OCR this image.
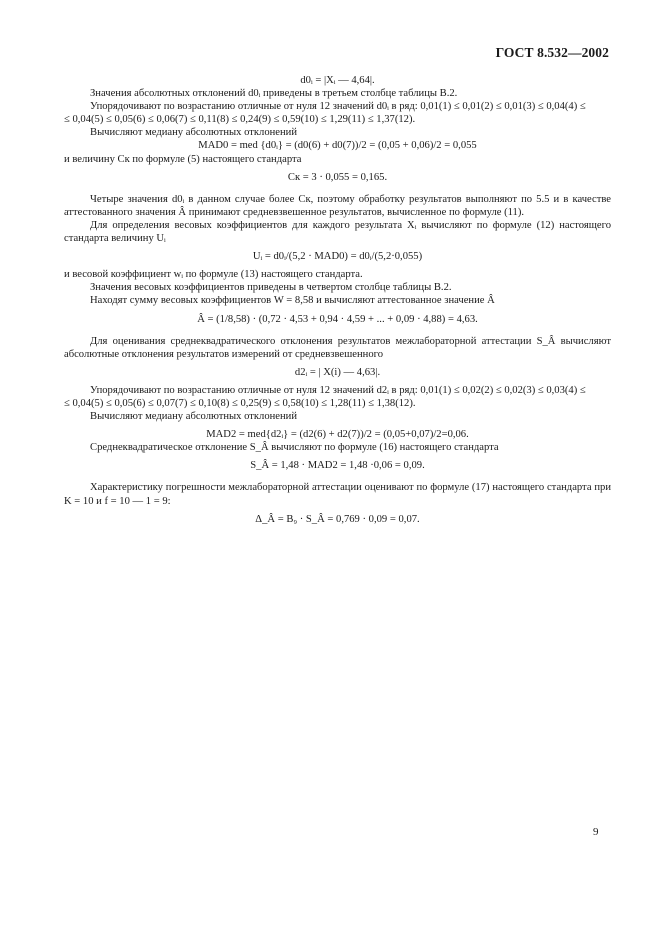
ГОСТ 8.532—2002

d0ᵢ = |Xᵢ — 4,64|.

Значения абсолютных отклонений d0ᵢ приведены в третьем столбце таблицы В.2.

Упорядочивают по возрастанию отличные от нуля 12 значений d0ᵢ в ряд: 0,01(1) ≤ 0,01(2) ≤ 0,01(3) ≤ 0,04(4) ≤

≤ 0,04(5) ≤ 0,05(6) ≤ 0,06(7) ≤ 0,11(8) ≤ 0,24(9) ≤ 0,59(10) ≤ 1,29(11) ≤ 1,37(12).

Вычисляют медиану абсолютных отклонений

MAD0 = med {d0ᵢ} = (d0(6) + d0(7))/2 = (0,05 + 0,06)/2 = 0,055

и величину Cк по формуле (5) настоящего стандарта

Cк = 3 · 0,055 = 0,165.

Четыре значения d0ᵢ в данном случае более Cк, поэтому обработку результатов выполняют по 5.5 и в качестве аттестованного значения Â принимают средневзвешенное результатов, вычисленное по формуле (11).

Для определения весовых коэффициентов для каждого результата Xᵢ вычисляют по формуле (12) настоящего стандарта величину Uᵢ

Uᵢ = d0ᵢ/(5,2 · MAD0) = d0ᵢ/(5,2·0,055)

и весовой коэффициент wᵢ по формуле (13) настоящего стандарта.

Значения весовых коэффициентов приведены в четвертом столбце таблицы В.2.

Находят сумму весовых коэффициентов W = 8,58 и вычисляют аттестованное значение Â

Â = (1/8,58) · (0,72 · 4,53 + 0,94 · 4,59 + ... + 0,09 · 4,88) = 4,63.

Для оценивания среднеквадратического отклонения результатов межлабораторной аттестации S_Â вычисляют абсолютные отклонения результатов измерений от средневзвешенного

d2ᵢ = | X(i) — 4,63|.

Упорядочивают по возрастанию отличные от нуля 12 значений d2ᵢ в ряд: 0,01(1) ≤ 0,02(2) ≤ 0,02(3) ≤ 0,03(4) ≤

≤ 0,04(5) ≤ 0,05(6) ≤ 0,07(7) ≤ 0,10(8) ≤ 0,25(9) ≤ 0,58(10) ≤ 1,28(11) ≤ 1,38(12).

Вычисляют медиану абсолютных отклонений

MAD2 = med{d2ᵢ} = (d2(6) + d2(7))/2 = (0,05+0,07)/2=0,06.

Среднеквадратическое отклонение S_Â вычисляют по формуле (16) настоящего стандарта

S_Â = 1,48 · MAD2 = 1,48 ·0,06 = 0,09.

Характеристику погрешности межлабораторной аттестации оценивают по формуле (17) настоящего стандарта при K = 10 и f = 10 — 1 = 9:

Δ_Â = B₉ · S_Â = 0,769 · 0,09 = 0,07.

9
